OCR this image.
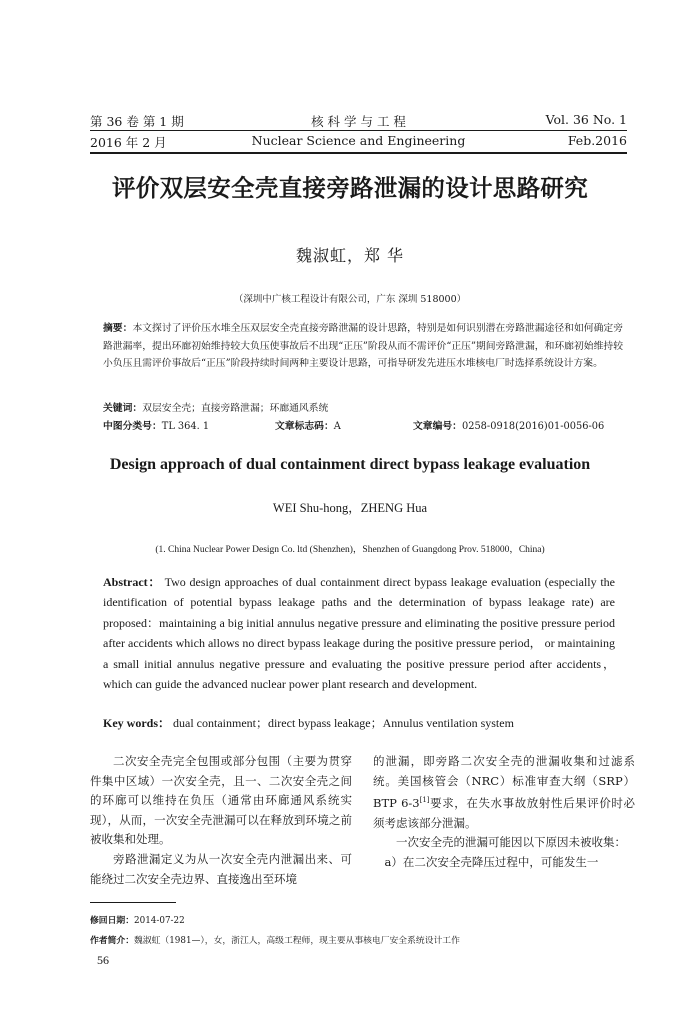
第 36 卷 第 1 期	核 科 学 与 工 程	Vol. 36 No. 1
2016 年 2 月	Nuclear Science and Engineering	Feb.2016
评价双层安全壳直接旁路泄漏的设计思路研究
魏淑虹，郑 华
（深圳中广核工程设计有限公司，广东 深圳 518000）
摘要：本文探讨了评价压水堆全压双层安全壳直接旁路泄漏的设计思路，特别是如何识别潜在旁路泄漏途径和如何确定旁路泄漏率，提出环廊初始维持较大负压使事故后不出现“正压”阶段从而不需评价“正压”期间旁路泄漏，和环廊初始维持较小负压且需评价事故后“正压”阶段持续时间两种主要设计思路，可指导研发先进压水堆核电厂时选择系统设计方案。
关键词：双层安全壳；直接旁路泄漏；环廊通风系统
中图分类号：TL 364. 1	文章标志码：A	文章编号：0258-0918(2016)01-0056-06
Design approach of dual containment direct bypass leakage evaluation
WEI Shu-hong，ZHENG Hua
(1. China Nuclear Power Design Co. ltd (Shenzhen)，Shenzhen of Guangdong Prov. 518000，China)
Abstract： Two design approaches of dual containment direct bypass leakage evaluation (especially the identification of potential bypass leakage paths and the determination of bypass leakage rate) are proposed：maintaining a big initial annulus negative pressure and eliminating the positive pressure period after accidents which allows no direct bypass leakage during the positive pressure period， or maintaining a small initial annulus negative pressure and evaluating the positive pressure period after accidents， which can guide the advanced nuclear power plant research and development.
Key words： dual containment；direct bypass leakage；Annulus ventilation system

二次安全壳完全包围或部分包围（主要为贯穿件集中区域）一次安全壳，且一、二次安全壳之间的环廊可以维持在负压（通常由环廊通风系统实现），从而，一次安全壳泄漏可以在释放到环境之前被收集和处理。

旁路泄漏定义为从一次安全壳内泄漏出来、可能绕过二次安全壳边界、直接逸出至环境

的泄漏，即旁路二次安全壳的泄漏收集和过滤系统。美国核管会（NRC）标准审查大纲（SRP）BTP 6-3[1]要求，在失水事故放射性后果评价时必须考虑该部分泄漏。

一次安全壳的泄漏可能因以下原因未被收集：

a）在二次安全壳降压过程中，可能发生一

修回日期：2014-07-22
作者简介：魏淑虹（1981—），女，浙江人，高级工程师，现主要从事核电厂安全系统设计工作
56
